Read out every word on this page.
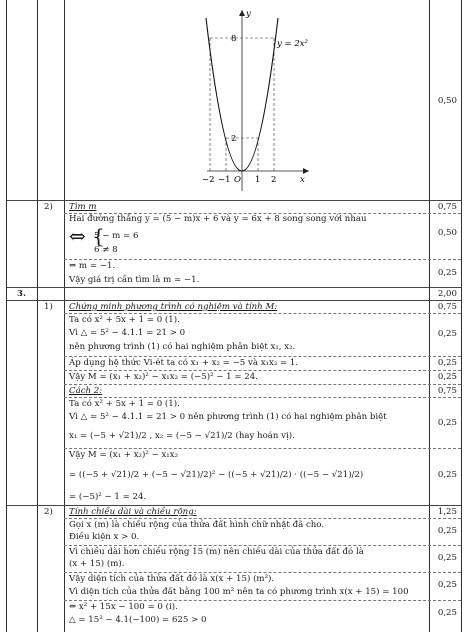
8
2
y
x
O
−2 −1	1 2
y = 2x²
0,50
2) Tìm m	0,75
Hai đường thẳng y = (5 − m)x + 6 và y = 6x + 8 song song với nhau
⇔ {
5 − m = 6
6 ≠ 8
0,50
⇔ m = −1.
Vậy giá trị cần tìm là m = −1.
0,25
3.	2,00
1) Chứng minh phương trình có nghiệm và tính M:	0,75
Ta có x² + 5x + 1 = 0 (1).
Vì △ = 5² − 4.1.1 = 21 > 0
nên phương trình (1) có hai nghiệm phân biệt x₁, x₂.
0,25
Áp dụng hệ thức Vi-ét ta có x₁ + x₂ = −5 và x₁x₂ = 1.	0,25
Vậy M = (x₁ + x₂)² − x₁x₂ = (−5)² − 1 = 24.	0,25
Cách 2:	0,75
Ta có x² + 5x + 1 = 0 (1).
Vì △ = 5² − 4.1.1 = 21 > 0 nên phương trình (1) có hai nghiệm phân biệt
x₁ = (−5 + √21)/2 , x₂ = (−5 − √21)/2 (hay hoán vị).
0,25
Vậy M = (x₁ + x₂)² − x₁x₂
= ((−5 + √21)/2 + (−5 − √21)/2)² − ((−5 + √21)/2) · ((−5 − √21)/2)
= (−5)² − 1 = 24.
0,25
2) Tính chiều dài và chiều rộng:	1,25
Gọi x (m) là chiều rộng của thửa đất hình chữ nhật đã cho.
Điều kiện x > 0.
0,25
Vì chiều dài hơn chiều rộng 15 (m) nên chiều dài của thửa đất đó là
(x + 15) (m).
0,25
Vậy diện tích của thửa đất đó là x(x + 15) (m²).
Vì diện tích của thửa đất bằng 100 m² nên ta có phương trình x(x + 15) = 100
0,25
⇔ x² + 15x − 100 = 0 (i).
△ = 15² − 4.1(−100) = 625 > 0
0,25
